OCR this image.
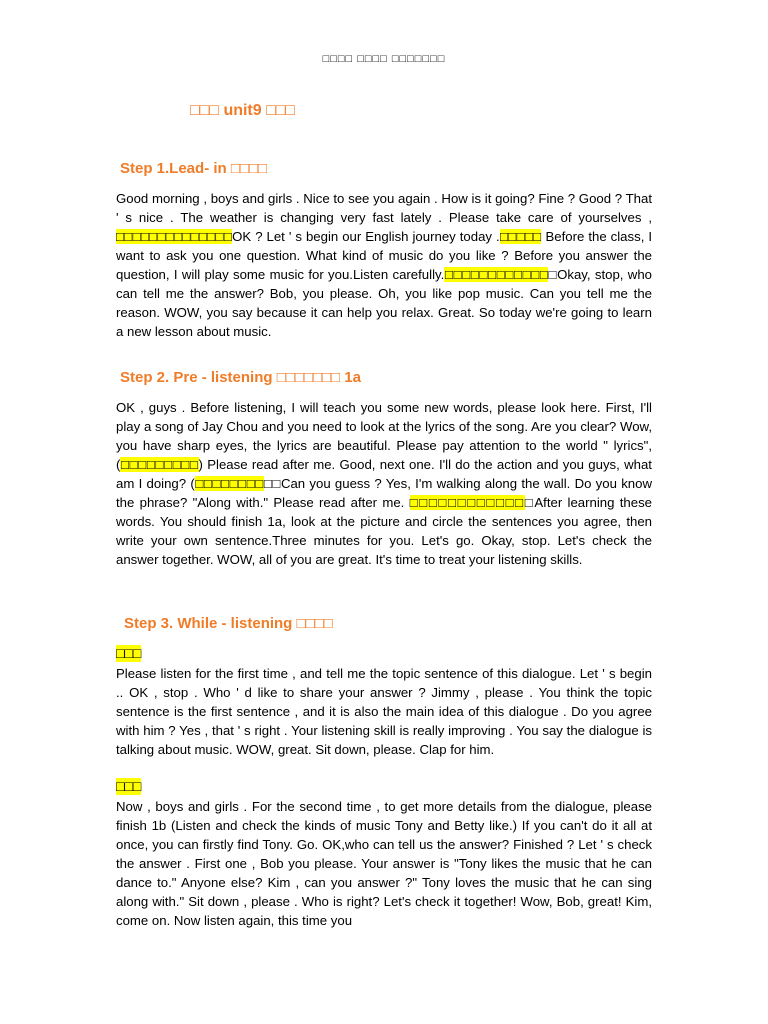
□□□□ □□□□ □□□□□□□
□□□ unit9 □□□
Step 1.Lead- in □□□□
Good morning , boys and girls . Nice to see you again . How is it going? Fine ? Good ? That ' s nice . The weather is changing very fast lately . Please take care of yourselves , □□□□□□□□□□□□□□OK ? Let ' s begin our English journey today .□□□□□ Before the class, I want to ask you one question. What kind of music do you like ? Before you answer the question, I will play some music for you.Listen carefully.□□□□□□□□□□□□□Okay, stop, who can tell me the answer? Bob, you please. Oh, you like pop music. Can you tell me the reason. WOW, you say because it can help you relax. Great. So today we're going to learn a new lesson about music.
Step 2. Pre - listening □□□□□□□ 1a
OK , guys . Before listening, I will teach you some new words, please look here. First, I'll play a song of Jay Chou and you need to look at the lyrics of the song. Are you clear? Wow, you have sharp eyes, the lyrics are beautiful. Please pay attention to the world " lyrics", (□□□□□□□□□) Please read after me. Good, next one. I'll do the action and you guys, what am I doing? (□□□□□□□□□□Can you guess ? Yes, I'm walking along the wall. Do you know the phrase? "Along with." Please read after me. □□□□□□□□□□□□□After learning these words. You should finish 1a, look at the picture and circle the sentences you agree, then write your own sentence.Three minutes for you. Let's go. Okay, stop. Let's check the answer together. WOW, all of you are great. It's time to treat your listening skills.
Step 3. While - listening □□□□
□□□
Please listen for the first time , and tell me the topic sentence of this dialogue. Let ' s begin .. OK , stop . Who ' d like to share your answer ? Jimmy , please . You think the topic sentence is the first sentence , and it is also the main idea of this dialogue . Do you agree with him ? Yes , that ' s right . Your listening skill is really improving . You say the dialogue is talking about music. WOW, great. Sit down, please. Clap for him.
□□□
Now , boys and girls . For the second time , to get more details from the dialogue, please finish 1b (Listen and check the kinds of music Tony and Betty like.) If you can't do it all at once, you can firstly find Tony. Go. OK,who can tell us the answer? Finished ? Let ' s check the answer . First one , Bob you please. Your answer is "Tony likes the music that he can dance to." Anyone else? Kim , can you answer ?" Tony loves the music that he can sing along with." Sit down , please . Who is right? Let's check it together! Wow, Bob, great! Kim, come on. Now listen again, this time you
